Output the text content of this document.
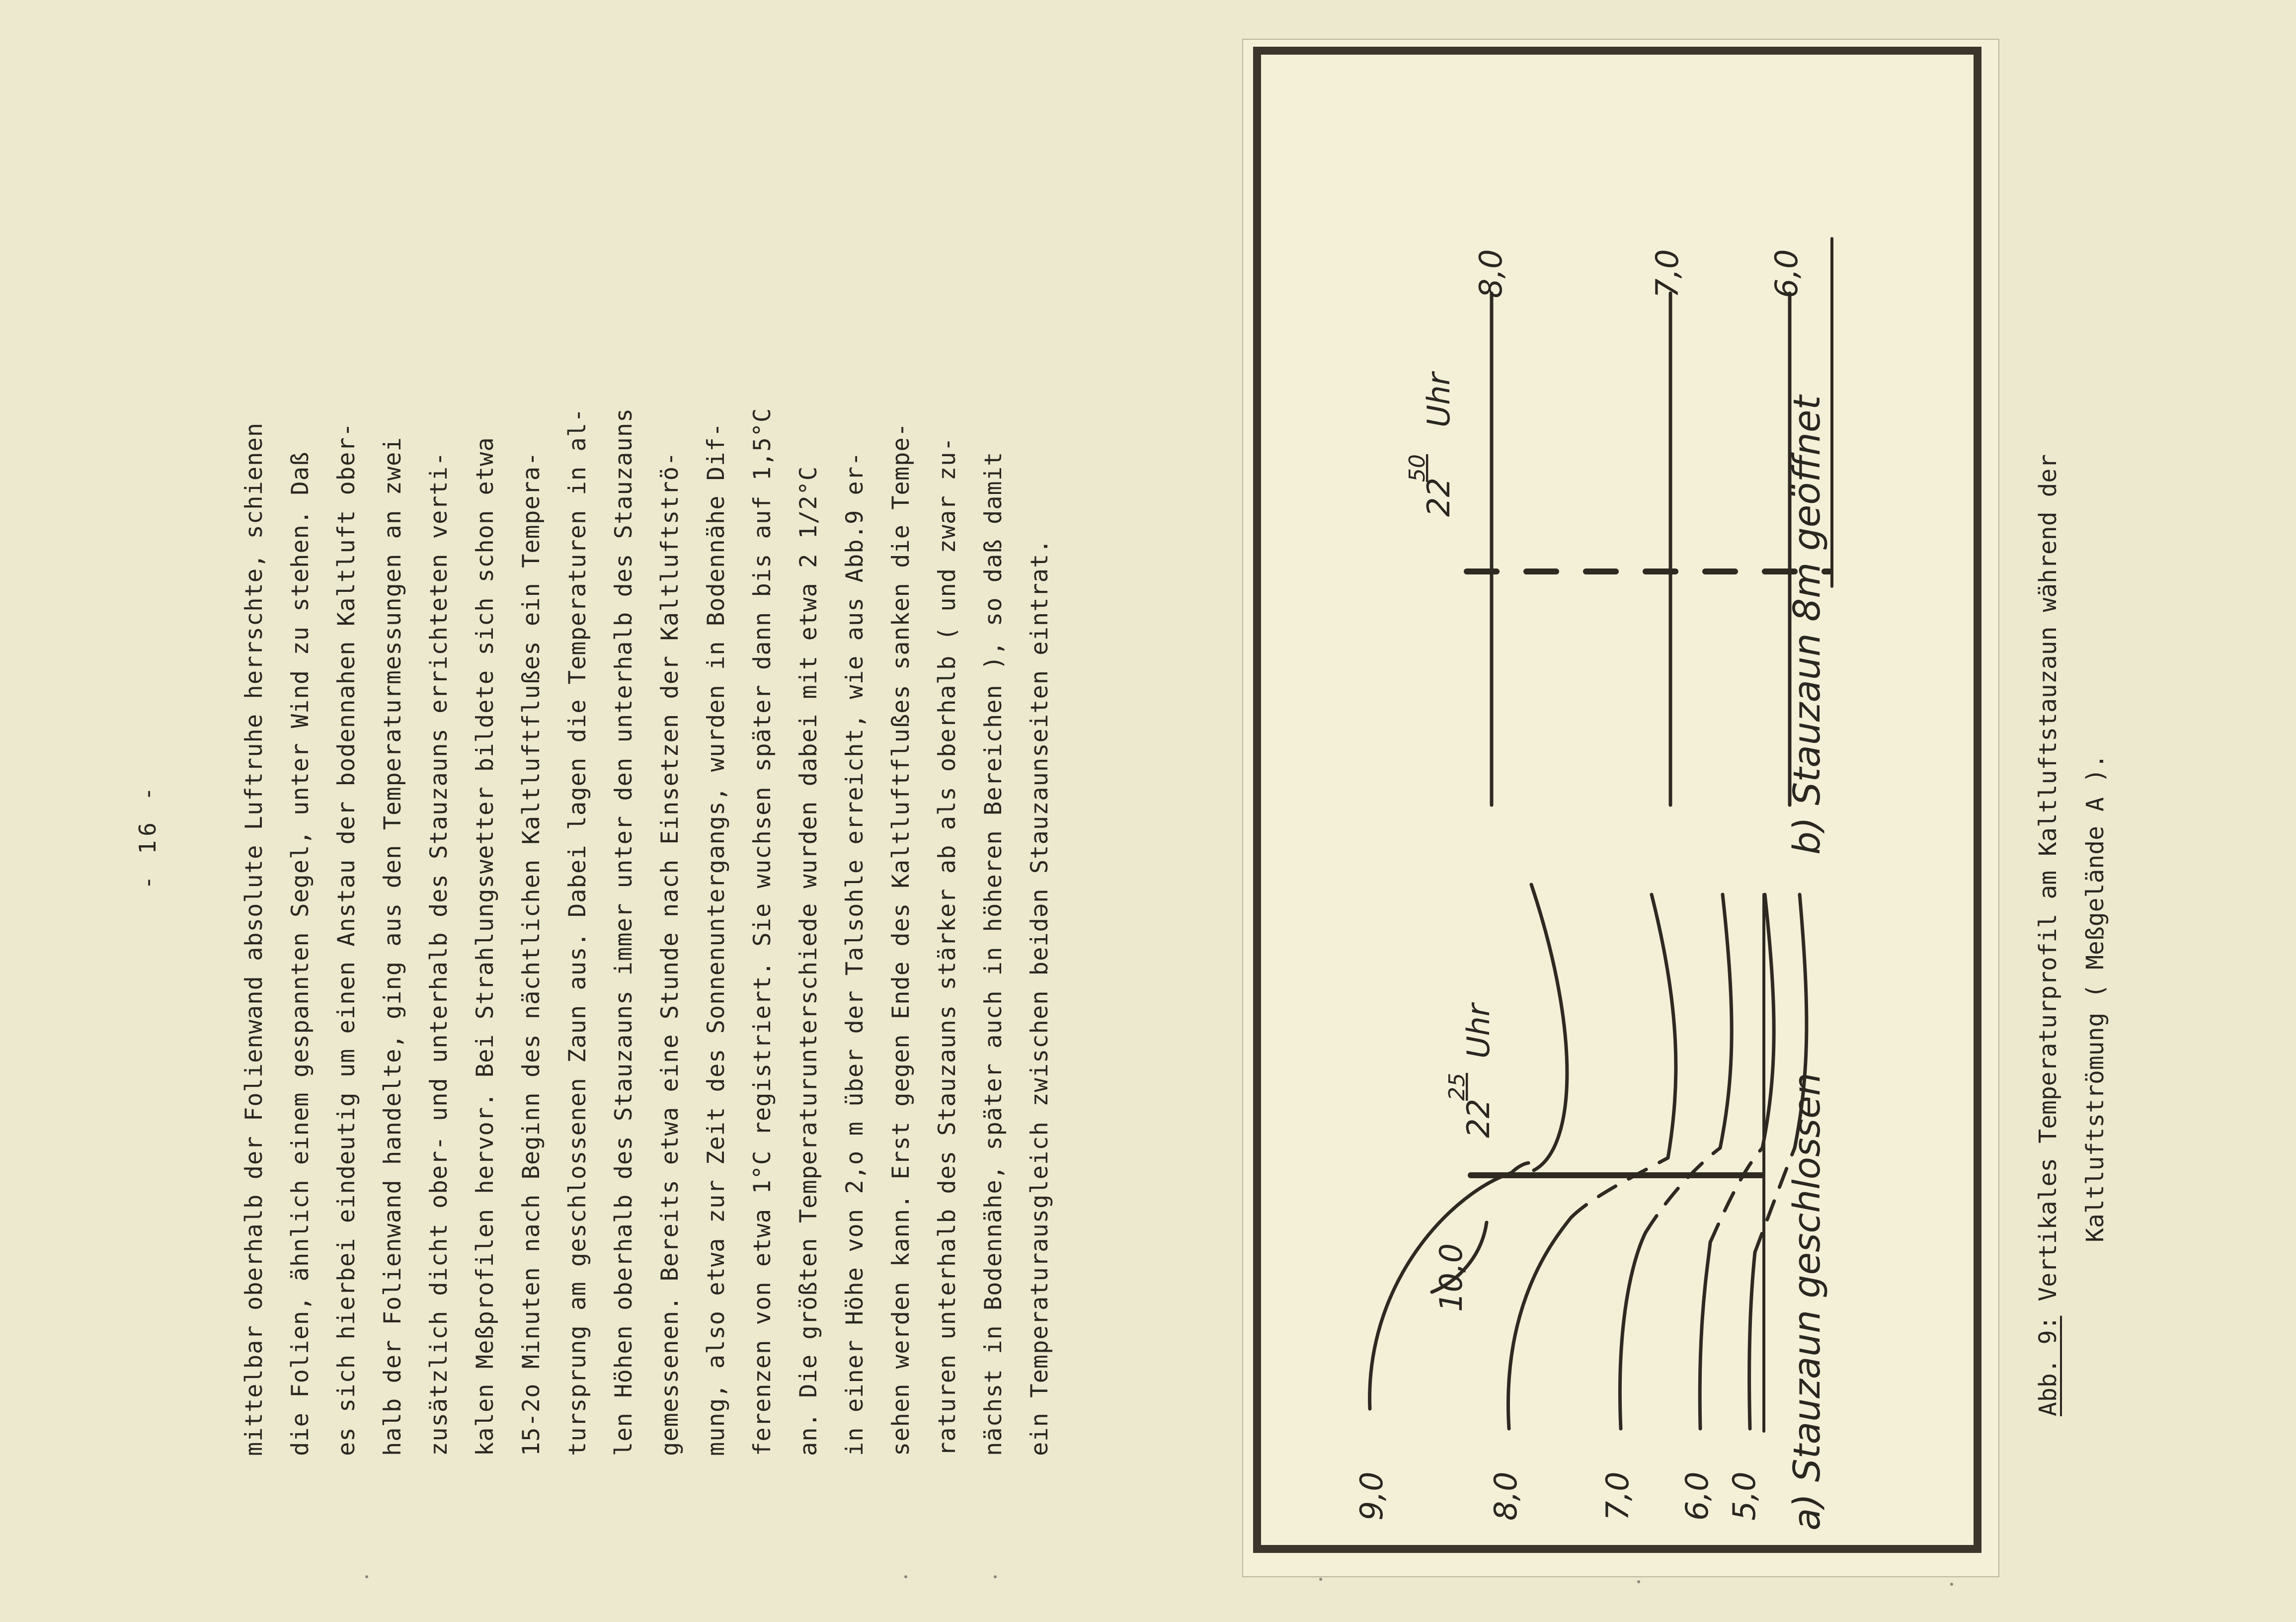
- 16 -	mittelbar oberhalb der Folienwand absolute Luftruhe herrschte, schienen die Folien, ähnlich einem gespannten Segel, unter Wind zu stehen. Daß es sich hierbei eindeutig um einen Anstau der bodennahen Kaltluft ober- halb der Folienwand handelte, ging aus den Temperaturmessungen an zwei zusätzlich dicht ober- und unterhalb des Stauzauns errichteten verti- kalen Meßprofilen hervor. Bei Strahlungswetter bildete sich schon etwa 15-2o Minuten nach Beginn des nächtlichen Kaltluftflußes ein Tempera- tursprung am geschlossenen Zaun aus. Dabei lagen die Temperaturen in al- len Höhen oberhalb des Stauzauns immer unter den unterhalb des Stauzauns gemessenen. Bereits etwa eine Stunde nach Einsetzen der Kaltluftströ- mung, also etwa zur Zeit des Sonnenuntergangs, wurden in Bodennähe Dif- ferenzen von etwa 1°C registriert. Sie wuchsen später dann bis auf 1,5°C an. Die größten Temperaturunterschiede wurden dabei mit etwa 2 1/2°C in einer Höhe von 2,o m über der Talsohle erreicht, wie aus Abb.9 er- sehen werden kann. Erst gegen Ende des Kaltluftflußes sanken die Tempe- raturen unterhalb des Stauzauns stärker ab als oberhalb ( und zwar zu- nächst in Bodennähe, später auch in höheren Bereichen ), so daß damit ein Temperaturausgleich zwischen beidən Stauzaunseiten eintrat.	10,0
9,0	8,0 7,0 6,0 5,0
22
25
Uhr
a) Stauzaun geschlossen
8,0	7,0	6,0
22
50
Uhr	b) Stauzaun 8m geöffnet
Abb. 9: Vertikales Temperaturprofil am Kaltluftstauzaun während der Kaltluftströmung ( Meßgelände A ).
